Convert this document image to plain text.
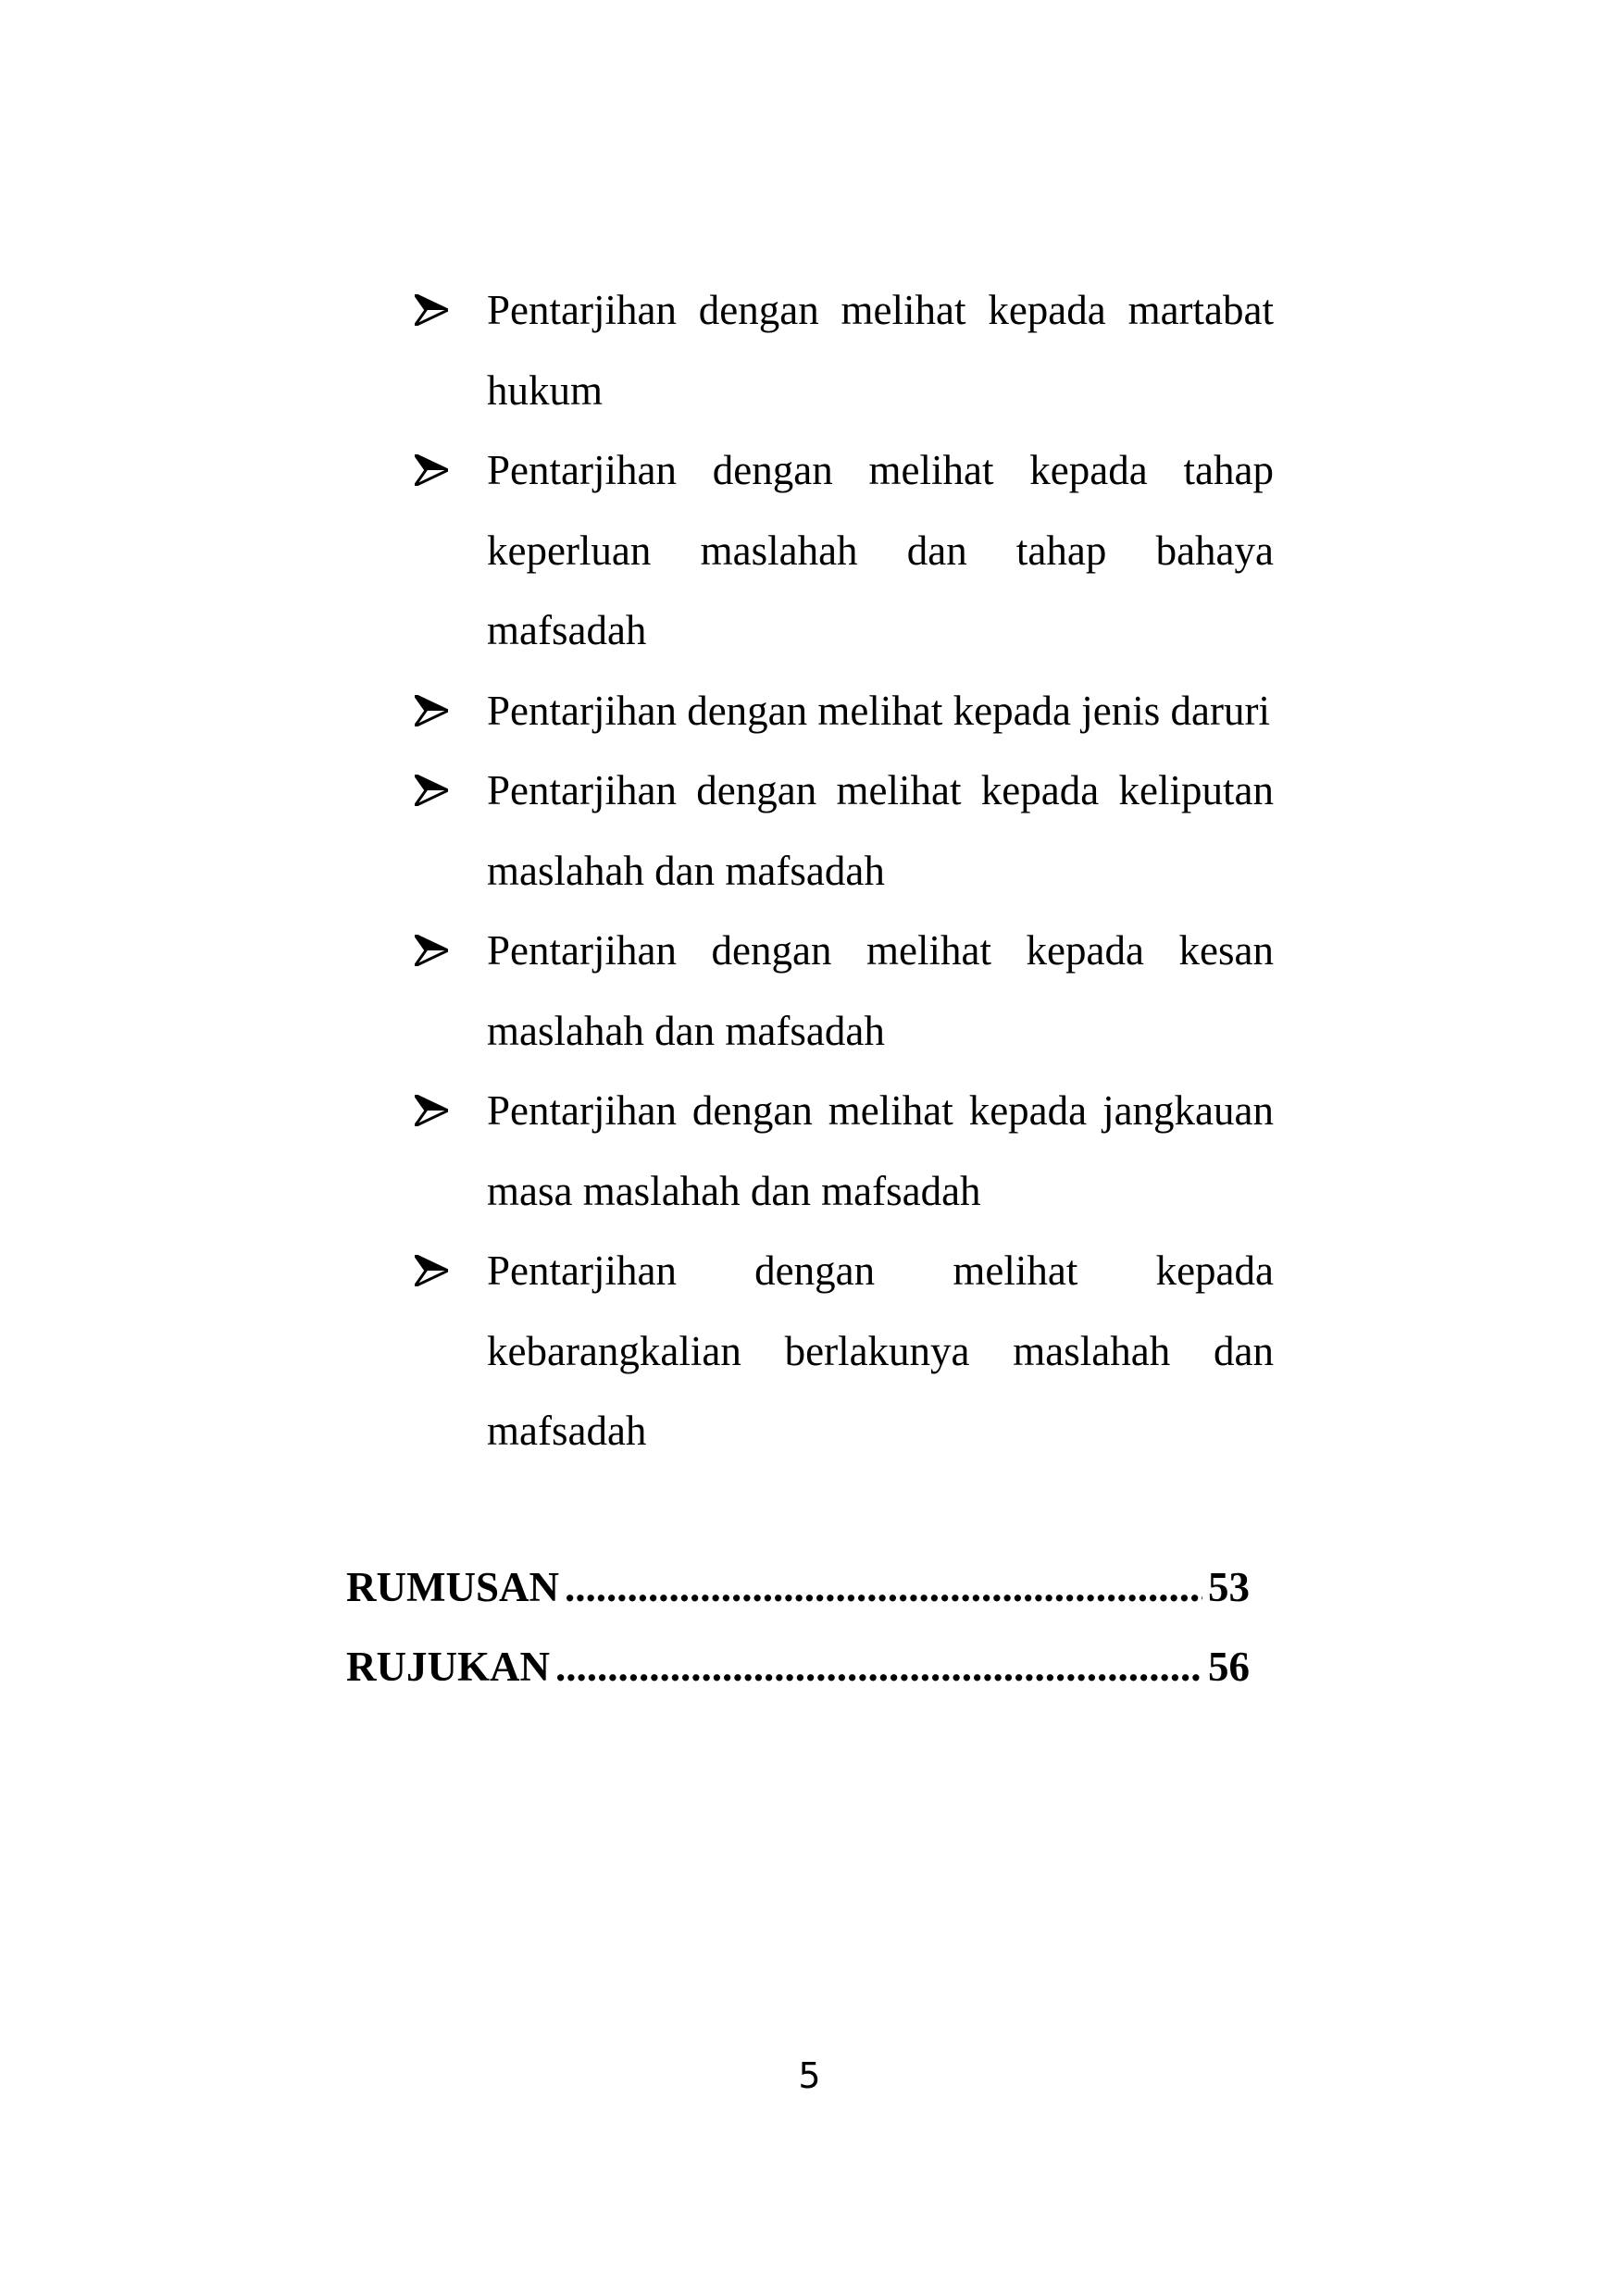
Pentarjihan dengan melihat kepada martabat hukum
Pentarjihan dengan melihat kepada tahap keperluan maslahah dan tahap bahaya mafsadah
Pentarjihan dengan melihat kepada jenis daruri
Pentarjihan dengan melihat kepada keliputan maslahah dan mafsadah
Pentarjihan dengan melihat kepada kesan maslahah dan mafsadah
Pentarjihan dengan melihat kepada jangkauan masa maslahah dan mafsadah
Pentarjihan dengan melihat kepada kebarangkalian berlakunya maslahah dan mafsadah
RUMUSAN .....	53
RUJUKAN .....	56
5
